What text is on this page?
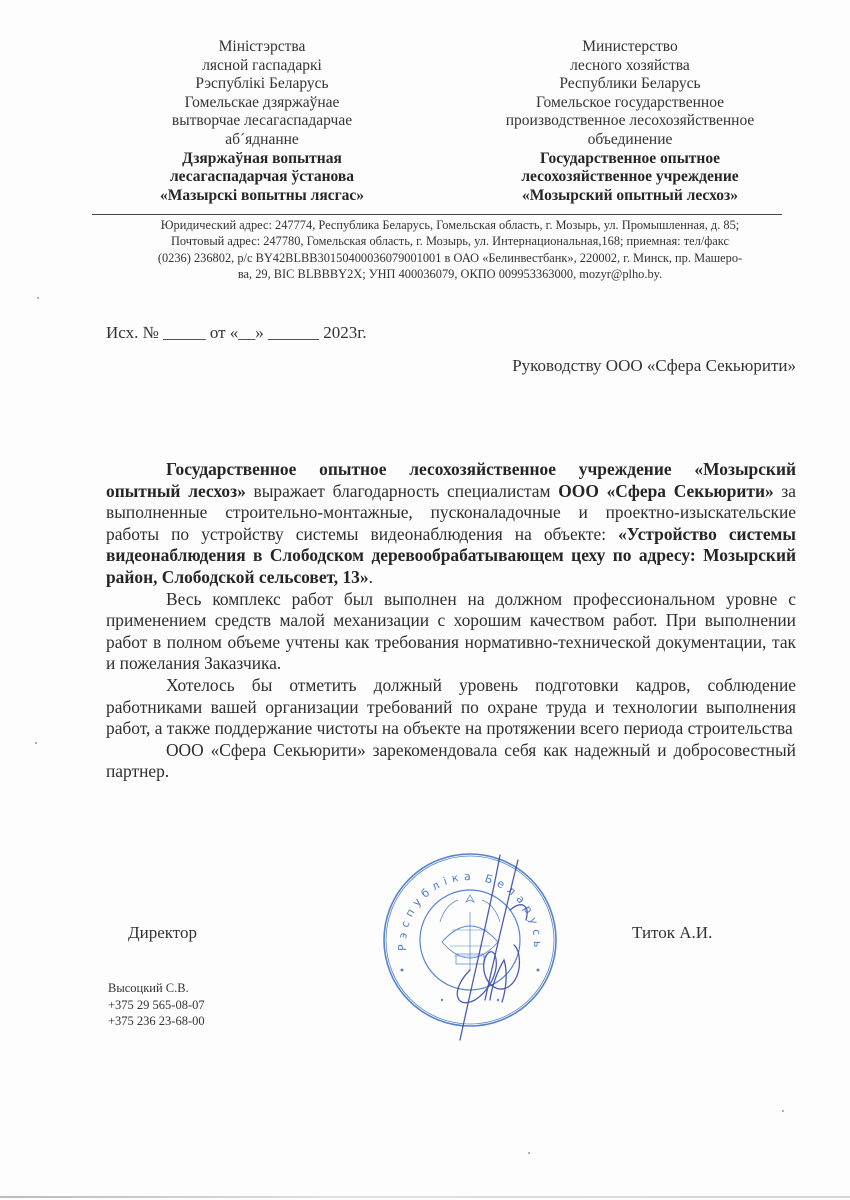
Міністэрства
лясной гаспадаркі
Рэспублікі Беларусь
Гомельскае дзяржаўнае
вытворчае лесагаспадарчае
аб´яднанне
Дзяржаўная вопытная
лесагаспадарчая ўстанова
«Мазырскі вопытны лясгас»
Министерство
лесного хозяйства
Республики Беларусь
Гомельское государственное
производственное лесохозяйственное
объединение
Государственное опытное
лесохозяйственное учреждение
«Мозырский опытный лесхоз»
Юридический адрес: 247774, Республика Беларусь, Гомельская область, г. Мозырь, ул. Промышленная, д. 85;
Почтовый адрес: 247780, Гомельская область, г. Мозырь, ул. Интернациональная,168; приемная: тел/факс
(0236) 236802, р/с BY42BLBB30150400036079001001 в ОАО «Белинвестбанк», 220002, г. Минск, пр. Машеро-
ва, 29, BIC BLBBBY2X; УНП 400036079, ОКПО 009953363000, mozyr@plho.by.
Исх. № _____ от «__» ______ 2023г.
Руководству ООО «Сфера Секьюрити»

Государственное опытное лесохозяйственное учреждение «Мозырский опытный лесхоз» выражает благодарность специалистам ООО «Сфера Секьюрити» за выполненные строительно-монтажные, пусконаладочные и проектно-изыскательские работы по устройству системы видеонаблюдения на объекте: «Устройство системы видеонаблюдения в Слободском деревообрабатывающем цеху по адресу: Мозырский район, Слободской сельсовет, 13».

Весь комплекс работ был выполнен на должном профессиональном уровне с применением средств малой механизации с хорошим качеством работ. При выполнении работ в полном объеме учтены как требования нормативно-технической документации, так и пожелания Заказчика.

Хотелось бы отметить должный уровень подготовки кадров, соблюдение работниками вашей организации требований по охране труда и технологии выполнения работ, а также поддержание чистоты на объекте на протяжении всего периода строительства

ООО «Сфера Секьюрити» зарекомендовала себя как надежный и добросовестный партнер.

Директор	Титок А.И.
Рэспубліка Беларусь
Высоцкий С.В.
+375 29 565-08-07
+375 236 23-68-00
